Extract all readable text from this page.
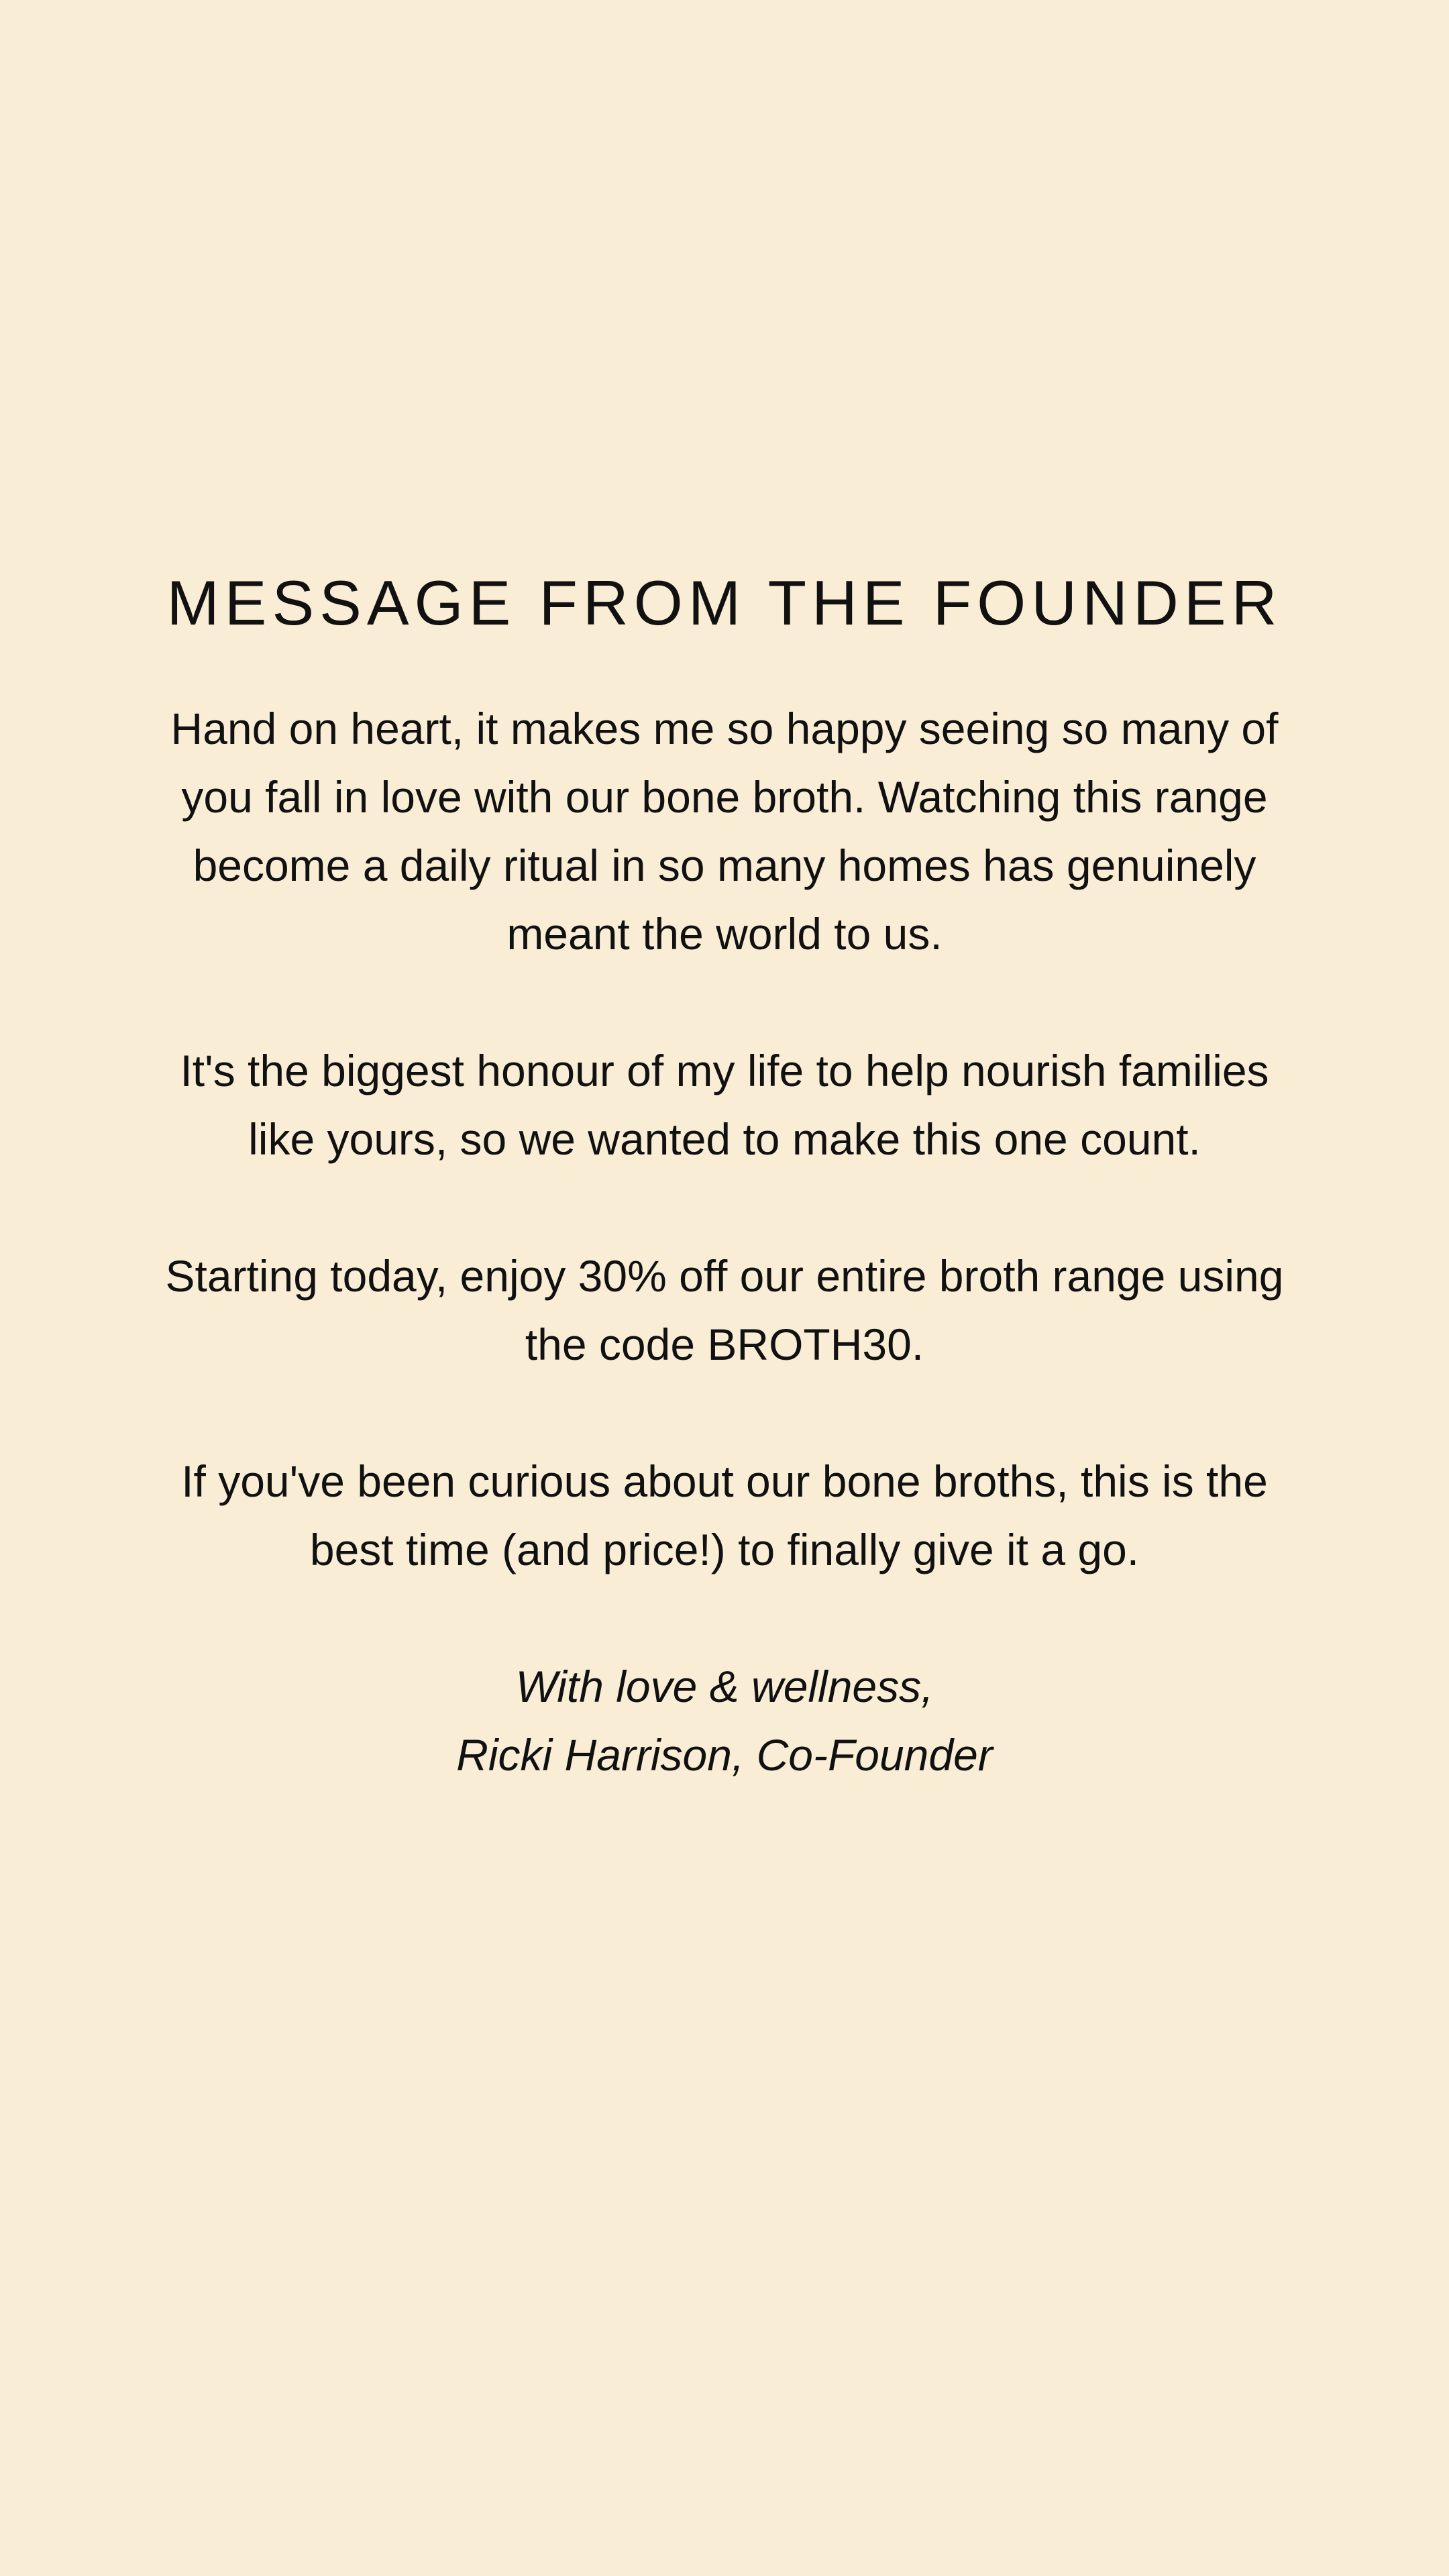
MESSAGE FROM THE FOUNDER

Hand on heart, it makes me so happy seeing so many of
you fall in love with our bone broth. Watching this range
become a daily ritual in so many homes has genuinely
meant the world to us.

It's the biggest honour of my life to help nourish families
like yours, so we wanted to make this one count.

Starting today, enjoy 30% off our entire broth range using
the code BROTH30.

If you've been curious about our bone broths, this is the
best time (and price!) to finally give it a go.

With love & wellness,
Ricki Harrison, Co-Founder
